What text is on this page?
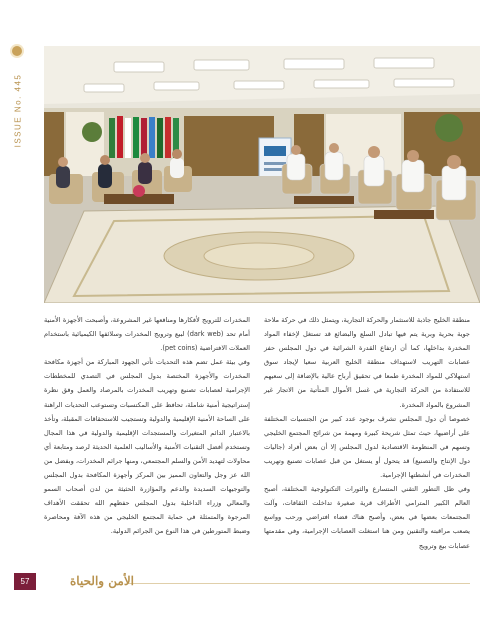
ISSUE No. 445

منطقة الخليج جاذبة للاستثمار والحركة التجارية، ويتمثل ذلك في حركة ملاحة جوية بحرية وبرية يتم فيها تبادل السلع والبضائع قد تستغل لإخفاء المواد المخدرة بداخلها، كما أن ارتفاع القدرة الشرائية في دول المجلس حفز عصابات التهريب لاستهداف منطقة الخليج العربية سعيا لإيجاد سوق استهلاكي للمواد المخدرة طمعا في تحقيق أرباح عالية بالإضافة إلى سعيهم للاستفادة من الحركة التجارية في غسل الأموال المتأتية من الاتجار غير المشروع بالمواد المخدرة.

خصوصا أن دول المجلس تشرف بوجود عدد كبير من الجنسيات المختلفة على أراضيها، حيث تمثل شريحة كبيرة ومهمة من شرائح المجتمع الخليجي وتسهم في المنظومة الاقتصادية لدول المجلس إلا أن بعض أفراد (جاليات دول الإنتاج والتصنيع) قد يتحول أو يستغل من قبل عصابات تصنيع وتهريب المخدرات في أنشطتها الإجرامية.

وفي ظل التطور التقني المتسارع والثورات التكنولوجية المختلفة، أصبح العالم الكبير المترامي الأطراف قرية صغيرة تداخلت الثقافات، وآلت المجتمعات بعضها في بعض، وأصبح هناك فضاء افتراضي ورحب وواسع يصعب مراقبته والتقنين ومن هنا استغلت العصابات الإجرامية، وفي مقدمتها عصابات بيع وترويج

المخدرات للترويج لأفكارها ومنافعها غير المشروعة، وأصبحت الأجهزة الأمنية أمام تحد (dark web) لبيع وترويج المخدرات وسلائفها الكيميائية باستخدام العملات الافتراضية (pet coins).

وفي بيئة عمل تضم هذه التحديات تأتي الجهود المباركة من أجهزة مكافحة المخدرات والأجهزة المختصة بدول المجلس في التصدي للمخططات الإجرامية لعصابات تصنيع وتهريب المخدرات بالمرصاد والعمل وفق نظرة إستراتيجية أمنية شاملة، تحافظ على المكتسبات وتستوعب التحديات الراهنة على الساحة الأمنية الإقليمية والدولية وتستجيب للاستحقاقات المقبلة، وتأخذ بالاعتبار الدائم المتغيرات والمستجدات الإقليمية والدولية في هذا المجال وتستخدم أفضل التقنيات الأمنية والأساليب العلمية الحديثة لرصد ومتابعة أي محاولات لتهديد الأمن والسلم المجتمعي، ومنها جرائم المخدرات، وبفضل من الله عز وجل والتعاون المميز بين المركز وأجهزة المكافحة بدول المجلس والتوجيهات السديدة والدعم والمؤازرة الحثيثة من لدن أصحاب السمو والمعالي وزراء الداخلية بدول المجلس حفظهم الله تحققت الأهداف المرجوة والمتمثلة في حماية المجتمع الخليجي من هذه الآفة ومحاصرة وضبط المتورطين في هذا النوع من الجرائم الدولية.

الأمن والحياة
57
